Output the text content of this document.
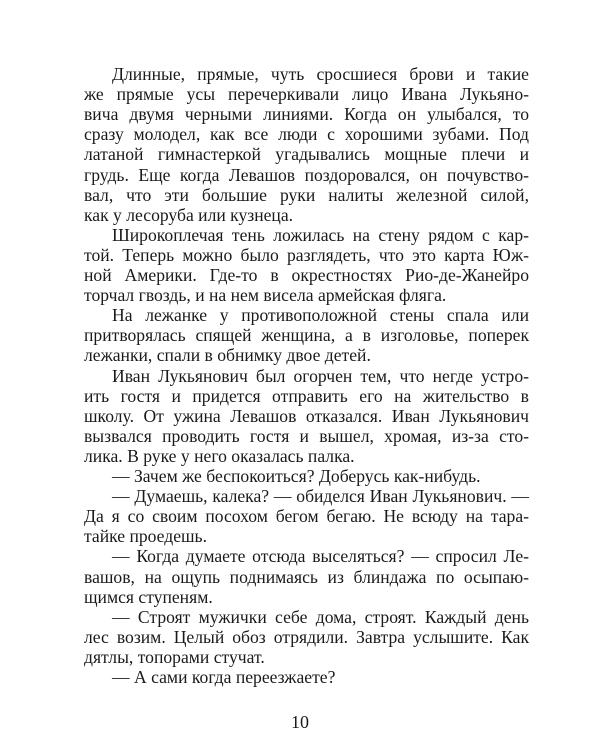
Длинные, прямые, чуть сросшиеся брови и такие

же прямые усы перечеркивали лицо Ивана Лукьяно-

вича двумя черными линиями. Когда он улыбался, то

сразу молодел, как все люди с хорошими зубами. Под

латаной гимнастеркой угадывались мощные плечи и

грудь. Еще когда Левашов поздоровался, он почувство-

вал, что эти большие руки налиты железной силой,

как у лесоруба или кузнеца.

Широкоплечая тень ложилась на стену рядом с кар-

той. Теперь можно было разглядеть, что это карта Юж-

ной Америки. Где-то в окрестностях Рио-де-Жанейро

торчал гвоздь, и на нем висела армейская фляга.

На лежанке у противоположной стены спала или

притворялась спящей женщина, а в изголовье, поперек

лежанки, спали в обнимку двое детей.

Иван Лукьянович был огорчен тем, что негде устро-

ить гостя и придется отправить его на жительство в

школу. От ужина Левашов отказался. Иван Лукьянович

вызвался проводить гостя и вышел, хромая, из-за сто-

лика. В руке у него оказалась палка.

— Зачем же беспокоиться? Доберусь как-нибудь.

— Думаешь, калека? — обиделся Иван Лукьянович. —

Да я со своим посохом бегом бегаю. Не всюду на тара-

тайке проедешь.

— Когда думаете отсюда выселяться? — спросил Ле-

вашов, на ощупь поднимаясь из блиндажа по осыпаю-

щимся ступеням.

— Строят мужички себе дома, строят. Каждый день

лес возим. Целый обоз отрядили. Завтра услышите. Как

дятлы, топорами стучат.

— А сами когда переезжаете?

10
